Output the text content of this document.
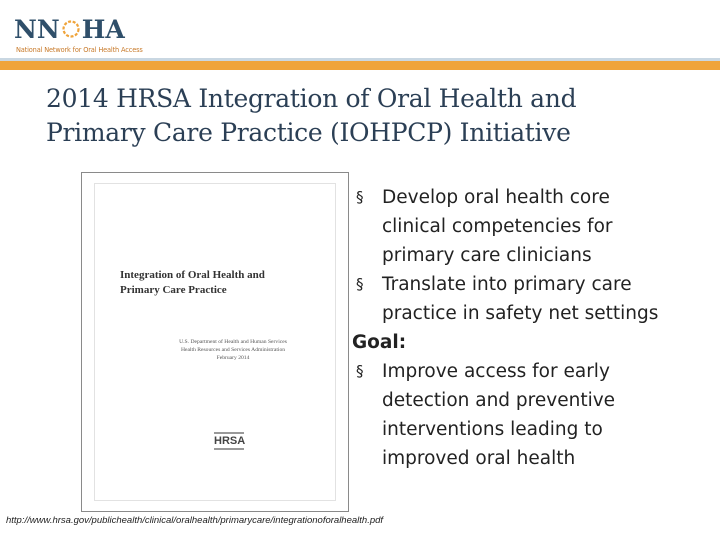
NN HA
National Network for Oral Health Access
2014 HRSA Integration of Oral Health and
Primary Care Practice (IOHPCP) Initiative
Integration of Oral Health and
Primary Care Practice
U.S. Department of Health and Human Services
Health Resources and Services Administration
February 2014
HRSA
§ Develop oral health core
clinical competencies for
primary care clinicians
§ Translate into primary care
practice in safety net settings
Goal:
§ Improve access for early
detection and preventive
interventions leading to
improved oral health
http://www.hrsa.gov/publichealth/clinical/oralhealth/primarycare/integrationoforalhealth.pdf
